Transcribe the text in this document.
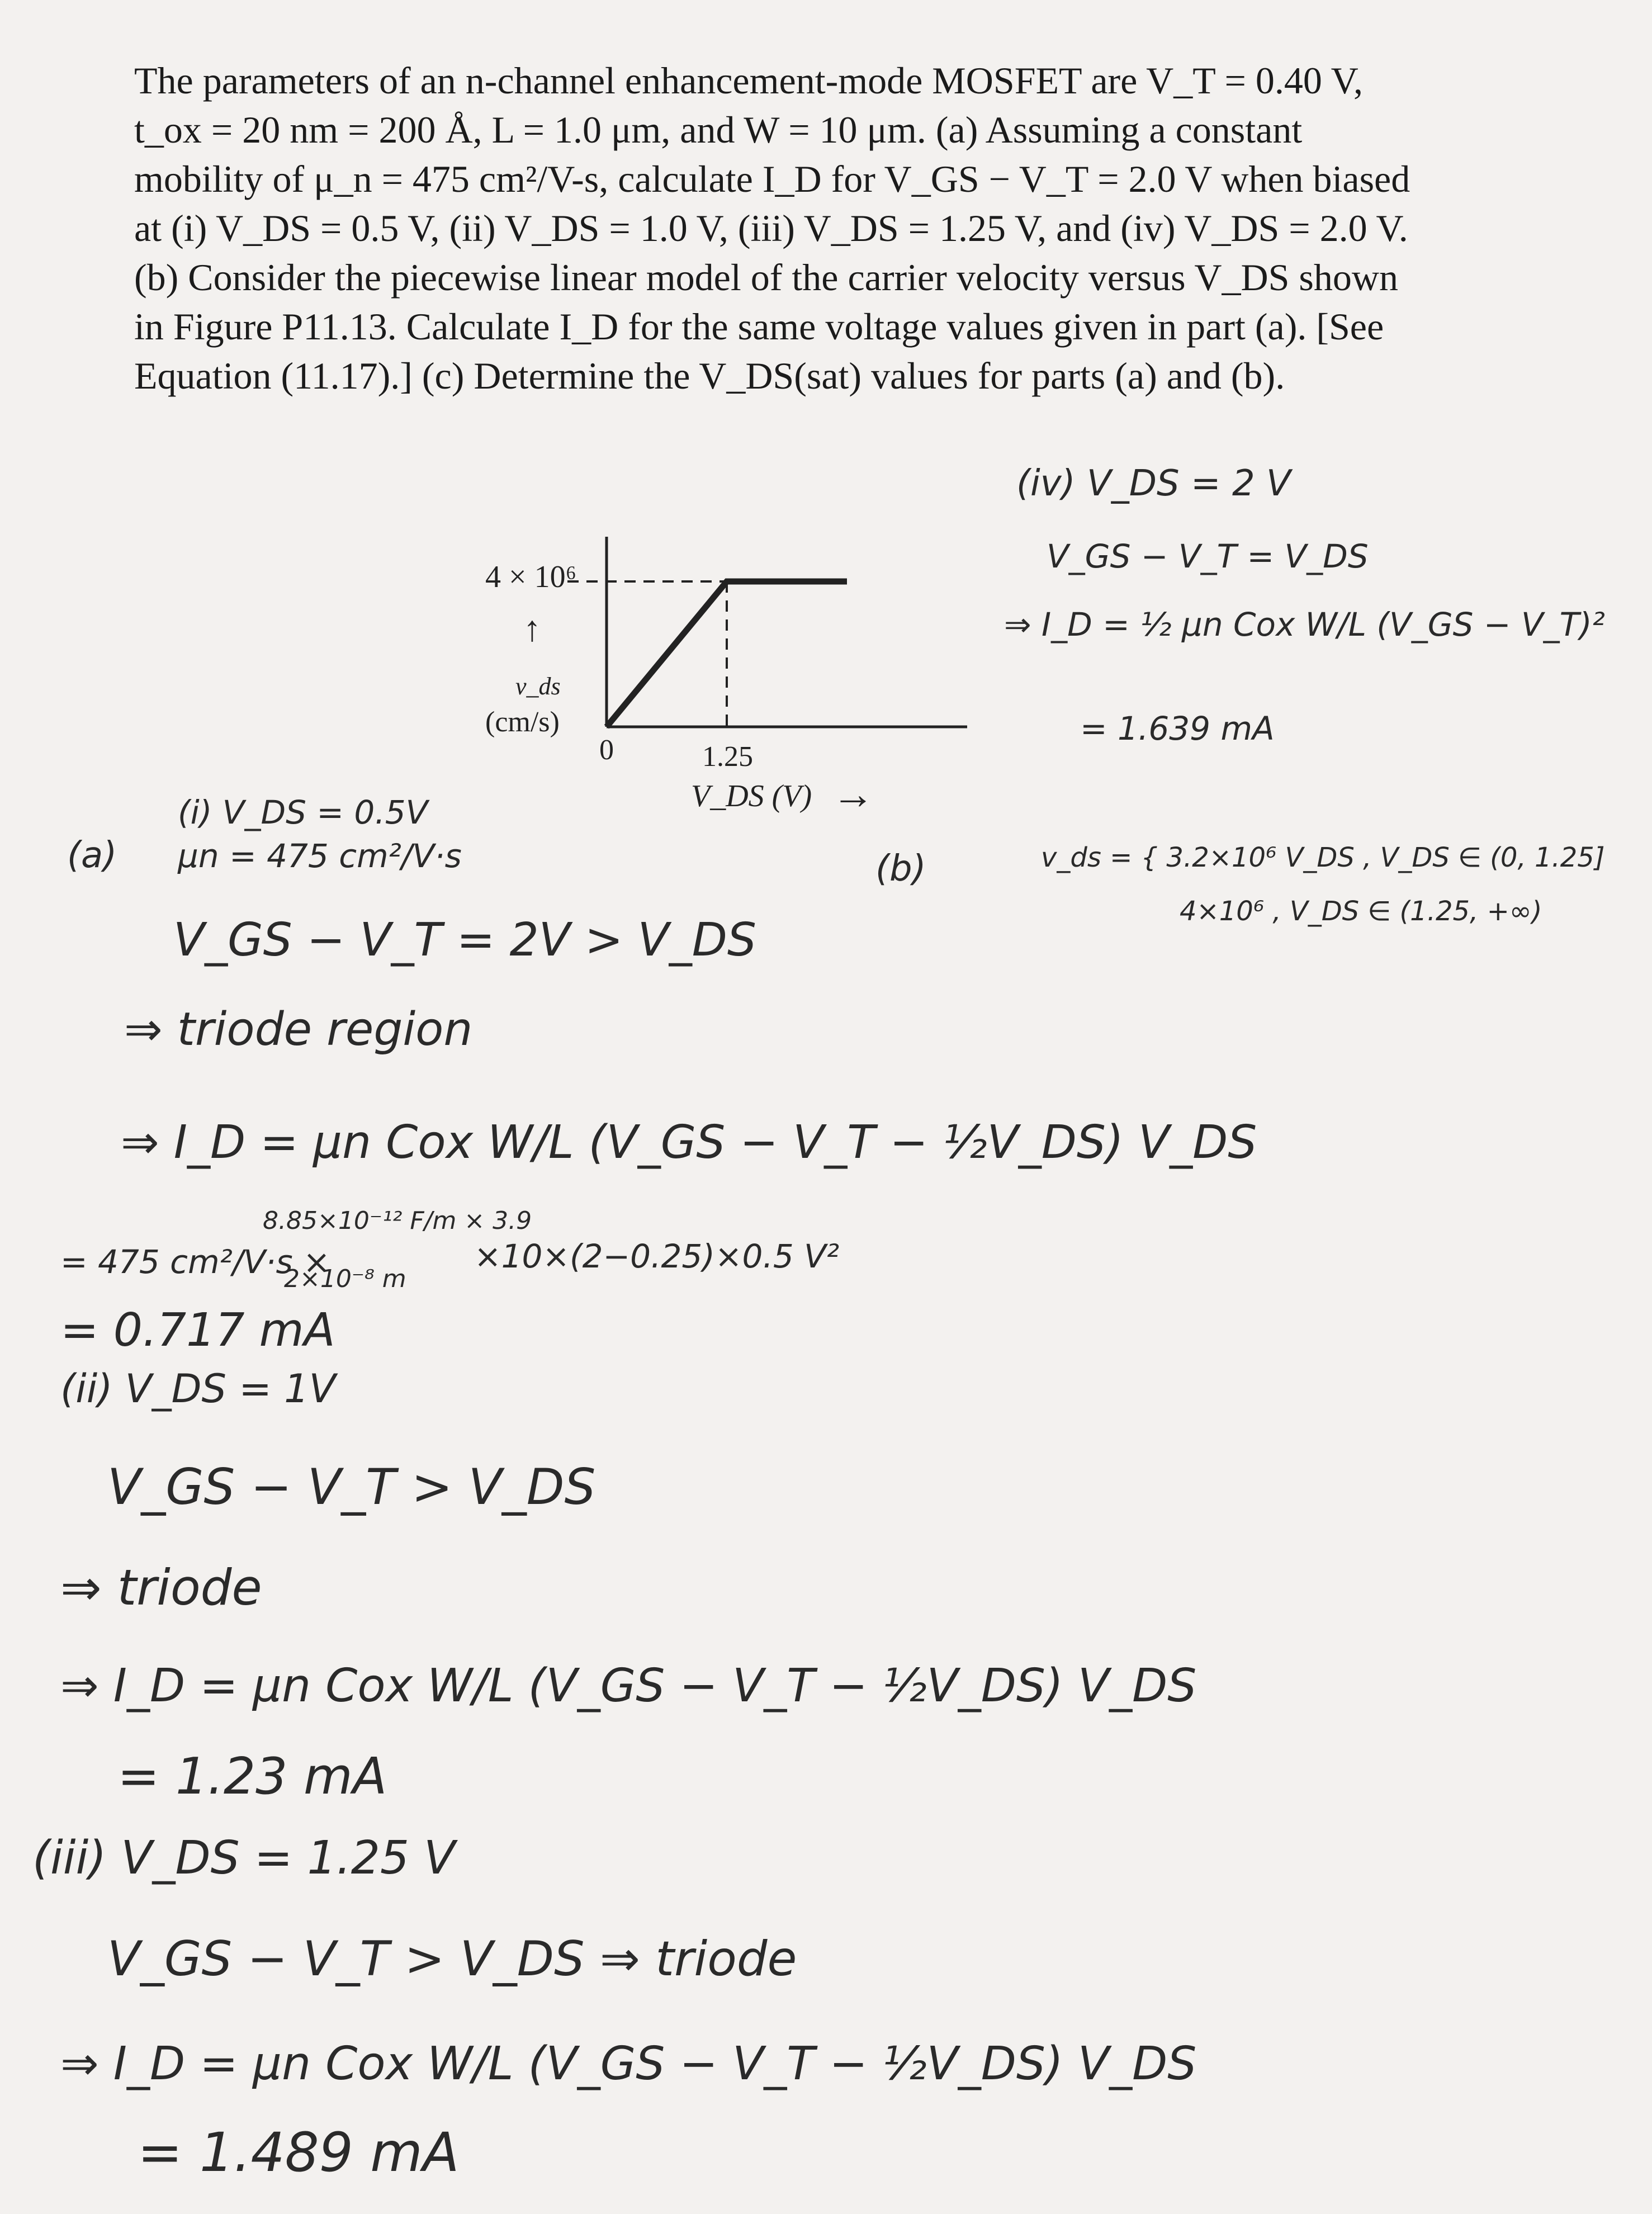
The parameters of an n-channel enhancement-mode MOSFET are V_T = 0.40 V,
t_ox = 20 nm = 200 Å, L = 1.0 μm, and W = 10 μm. (a) Assuming a constant
mobility of μ_n = 475 cm²/V-s, calculate I_D for V_GS − V_T = 2.0 V when biased
at (i) V_DS = 0.5 V, (ii) V_DS = 1.0 V, (iii) V_DS = 1.25 V, and (iv) V_DS = 2.0 V.
(b) Consider the piecewise linear model of the carrier velocity versus V_DS shown
in Figure P11.13. Calculate I_D for the same voltage values given in part (a). [See
Equation (11.17).] (c) Determine the V_DS(sat) values for parts (a) and (b).
4 × 10⁶
↑
v_ds
(cm/s)
0	1.25
V_DS (V) →
(a)
(i) V_DS = 0.5V
μn = 475 cm²/V·s
V_GS − V_T = 2V > V_DS
⇒ triode region
⇒ I_D = μn Cox W/L (V_GS − V_T − ½V_DS) V_DS
8.85×10⁻¹² F/m × 3.9
= 475 cm²/V·s ×
2×10⁻⁸ m
×10×(2−0.25)×0.5 V²
= 0.717 mA
(ii) V_DS = 1V
V_GS − V_T > V_DS
⇒ triode
⇒ I_D = μn Cox W/L (V_GS − V_T − ½V_DS) V_DS
= 1.23 mA
(iii) V_DS = 1.25 V
V_GS − V_T > V_DS ⇒ triode
⇒ I_D = μn Cox W/L (V_GS − V_T − ½V_DS) V_DS
= 1.489 mA
(iv) V_DS = 2 V
V_GS − V_T = V_DS
⇒ I_D = ½ μn Cox W/L (V_GS − V_T)²
= 1.639 mA
(b)	v_ds = { 3.2×10⁶ V_DS , V_DS ∈ (0, 1.25]
4×10⁶ , V_DS ∈ (1.25, +∞)
